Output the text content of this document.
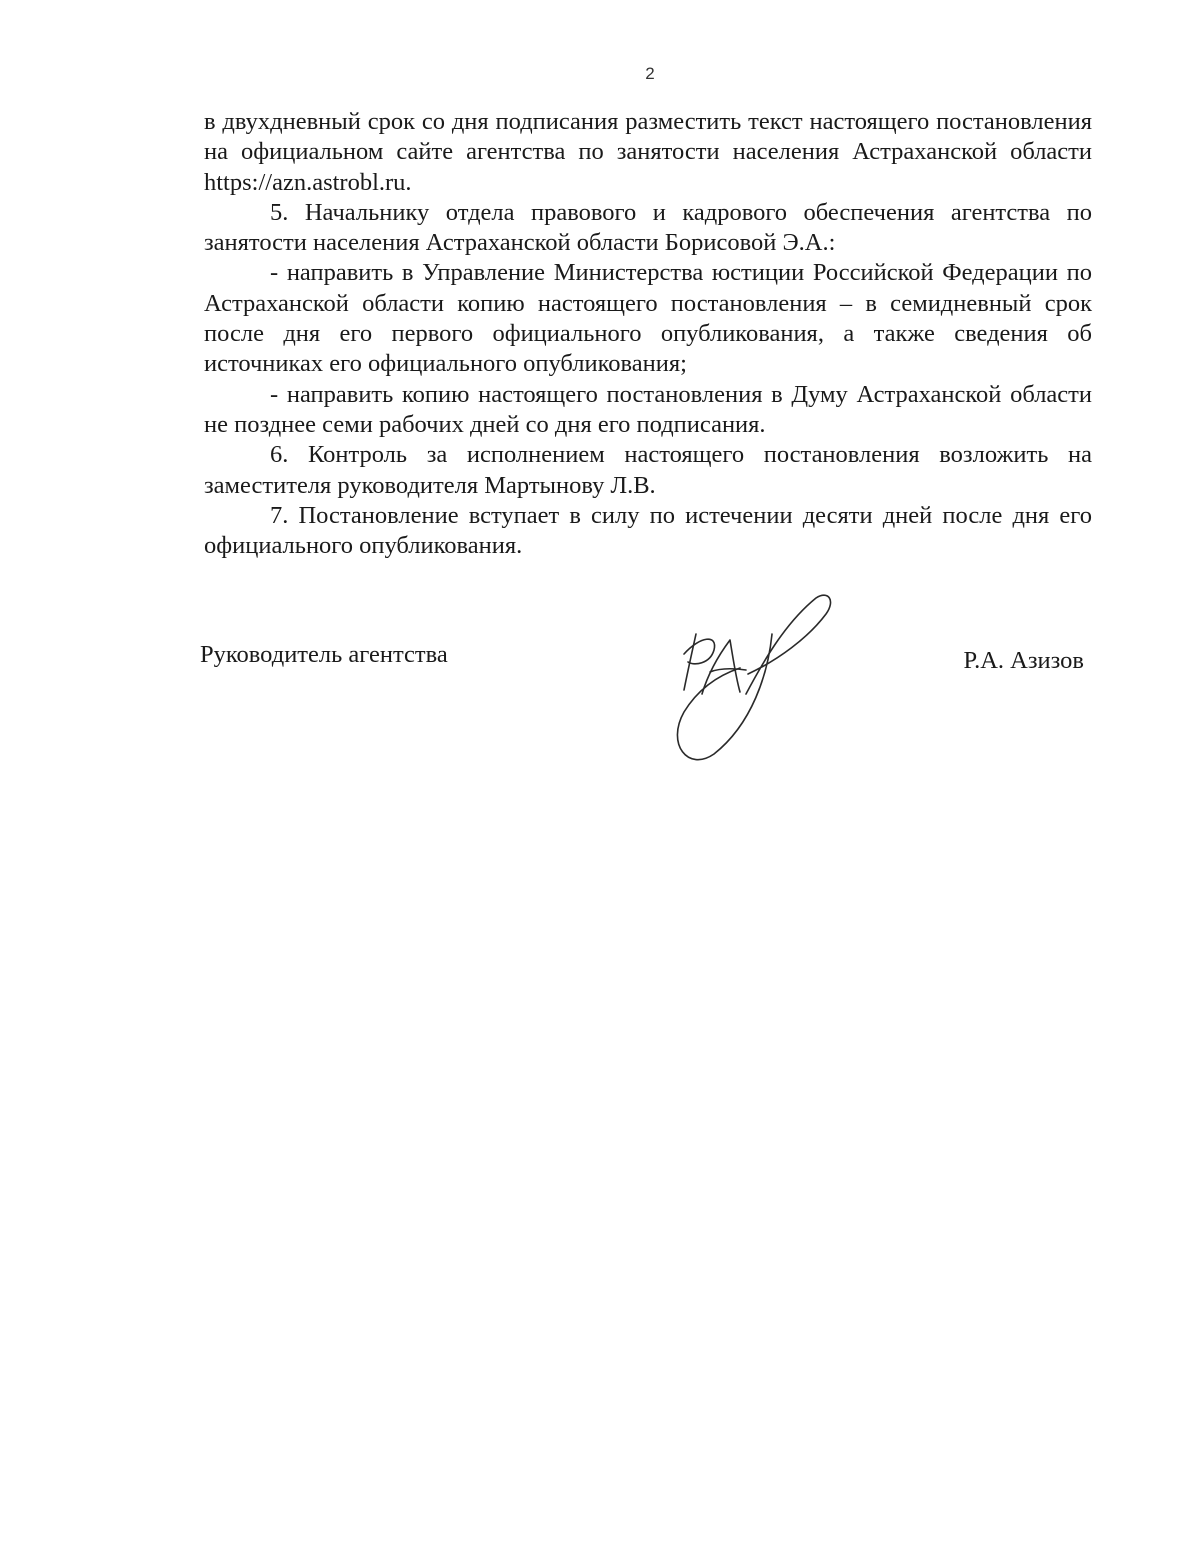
2

в двухдневный срок со дня подписания разместить текст настоящего постановления на официальном сайте агентства по занятости населения Астраханской области https://azn.astrobl.ru.

5. Начальнику отдела правового и кадрового обеспечения агентства по занятости населения Астраханской области Борисовой Э.А.:

- направить в Управление Министерства юстиции Российской Федерации по Астраханской области копию настоящего постановления – в семидневный срок после дня его первого официального опубликования, а также сведения об источниках его официального опубликования;

- направить копию настоящего постановления в Думу Астраханской области не позднее семи рабочих дней со дня его подписания.

6. Контроль за исполнением настоящего постановления возложить на заместителя руководителя Мартынову Л.В.

7. Постановление вступает в силу по истечении десяти дней после дня его официального опубликования.

Руководитель агентства	Р.А. Азизов
